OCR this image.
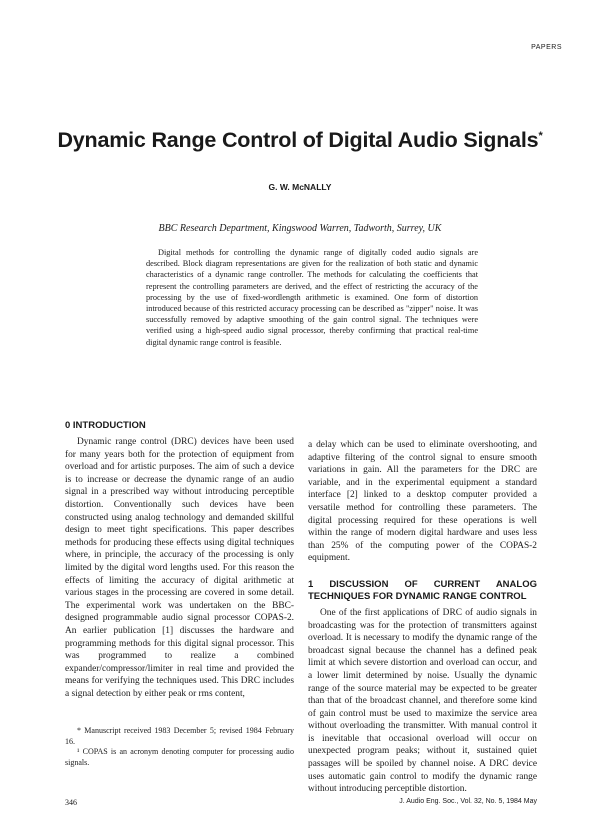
PAPERS
Dynamic Range Control of Digital Audio Signals*
G. W. McNALLY
BBC Research Department, Kingswood Warren, Tadworth, Surrey, UK
Digital methods for controlling the dynamic range of digitally coded audio signals are described. Block diagram representations are given for the realization of both static and dynamic characteristics of a dynamic range controller. The methods for calculating the coefficients that represent the controlling parameters are derived, and the effect of restricting the accuracy of the processing by the use of fixed-wordlength arithmetic is examined. One form of distortion introduced because of this restricted accuracy processing can be described as "zipper" noise. It was successfully removed by adaptive smoothing of the gain control signal. The techniques were verified using a high-speed audio signal processor, thereby confirming that practical real-time digital dynamic range control is feasible.
0 INTRODUCTION

Dynamic range control (DRC) devices have been used for many years both for the protection of equipment from overload and for artistic purposes. The aim of such a device is to increase or decrease the dynamic range of an audio signal in a prescribed way without introducing perceptible distortion. Conventionally such devices have been constructed using analog technology and demanded skillful design to meet tight specifications. This paper describes methods for producing these effects using digital techniques where, in principle, the accuracy of the processing is only limited by the digital word lengths used. For this reason the effects of limiting the accuracy of digital arithmetic at various stages in the processing are covered in some detail. The experimental work was undertaken on the BBC-designed programmable audio signal processor COPAS-2. An earlier publication [1] discusses the hardware and programming methods for this digital signal processor. This was programmed to realize a combined expander/compressor/limiter in real time and provided the means for verifying the techniques used. This DRC includes a signal detection by either peak or rms content,

a delay which can be used to eliminate overshooting, and adaptive filtering of the control signal to ensure smooth variations in gain. All the parameters for the DRC are variable, and in the experimental equipment a standard interface [2] linked to a desktop computer provided a versatile method for controlling these parameters. The digital processing required for these operations is well within the range of modern digital hardware and uses less than 25% of the computing power of the COPAS-2 equipment.

1 DISCUSSION OF CURRENT ANALOG TECHNIQUES FOR DYNAMIC RANGE CONTROL

One of the first applications of DRC of audio signals in broadcasting was for the protection of transmitters against overload. It is necessary to modify the dynamic range of the broadcast signal because the channel has a defined peak limit at which severe distortion and overload can occur, and a lower limit determined by noise. Usually the dynamic range of the source material may be expected to be greater than that of the broadcast channel, and therefore some kind of gain control must be used to maximize the service area without overloading the transmitter. With manual control it is inevitable that occasional overload will occur on unexpected program peaks; without it, sustained quiet passages will be spoiled by channel noise. A DRC device uses automatic gain control to modify the dynamic range without introducing perceptible distortion.

* Manuscript received 1983 December 5; revised 1984 February 16.

¹ COPAS is an acronym denoting computer for processing audio signals.

346	J. Audio Eng. Soc., Vol. 32, No. 5, 1984 May
